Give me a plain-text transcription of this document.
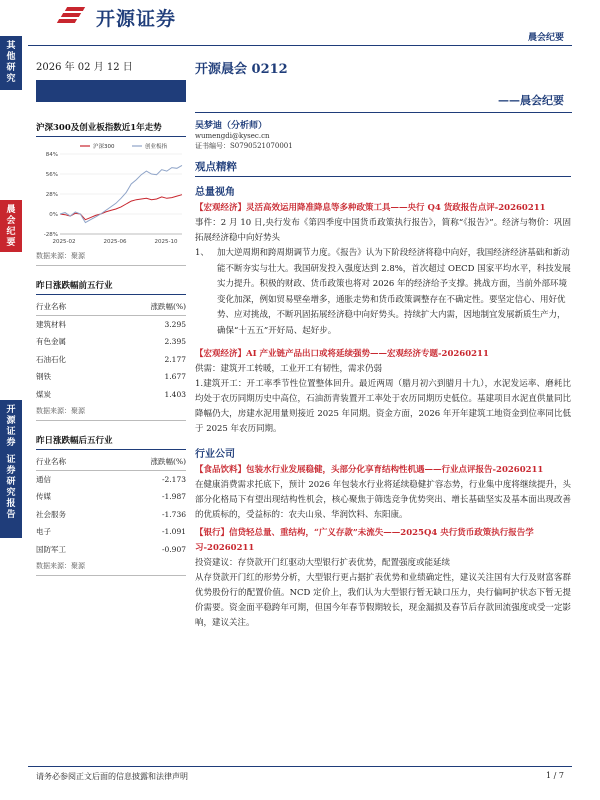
开源证券
晨会纪要
其
他
研
究
晨
会
纪
要
开
源
证
券
证
券
研
究
报
告
2026 年 02 月 12 日	开源晨会 0212
——晨会纪要
沪深300及创业板指数近1年走势
84%
56%
28%
0%
-28%
2025-02	2025-06	2025-10
沪深300	创业板指
数据来源：聚源
昨日涨跌幅前五行业
行业名称	涨跌幅(%)
建筑材料	3.295
有色金属	2.395
石油石化	2.177
钢铁	1.677
煤炭	1.403
数据来源：聚源
昨日涨跌幅后五行业
行业名称	涨跌幅(%)
通信	-2.173
传媒	-1.987
社会服务	-1.736
电子	-1.091
国防军工	-0.907
数据来源：聚源
吴梦迪（分析师）
wumengdi@kysec.cn
证书编号：S0790521070001
观点精粹
总量视角
【宏观经济】灵活高效运用降准降息等多种政策工具——央行 Q4 货政报告点评-20260211
事件：2 月 10 日,央行发布《第四季度中国货币政策执行报告》，简称“《报告》”。经济与物价：巩固拓展经济稳中向好势头
1、 加大逆周期和跨周期调节力度。《报告》认为下阶段经济将稳中向好，我国经济经济基础和新动能不断夯实与壮大。我国研发投入强度达到 2.8%，首次超过 OECD 国家平均水平，科技发展实力提升。积极的财政、货币政策也将对 2026 年的经济给予支撑。挑战方面，当前外部环境变化加深，例如贸易壁垒增多，通胀走势和货币政策调整存在不确定性。要坚定信心、用好优势、应对挑战，不断巩固拓展经济稳中向好势头。持续扩大内需，因地制宜发展新质生产力，确保“十五五”开好局、起好步。
【宏观经济】AI 产业链产品出口或将延续强势——宏观经济专题-20260211
供需：建筑开工转暖，工业开工有韧性，需求仍弱
1.建筑开工：开工率季节性位置整体回升。最近两周（腊月初六到腊月十九），水泥发运率、磨耗比均处于农历同期历史中高位，石油沥青装置开工率处于农历同期历史低位。基建项目水泥直供量同比降幅仍大，房建水泥用量则接近 2025 年同期。资金方面，2026 年开年建筑工地资金到位率同比低于 2025 年农历同期。
行业公司
【食品饮料】包装水行业发展稳健，头部分化享育结构性机遇——行业点评报告-20260211
在健康消费需求托底下，预计 2026 年包装水行业将延续稳健扩容态势，行业集中度将继续提升，头部分化格局下有望出现结构性机会，核心聚焦于筛选竞争优势突出、增长基础坚实及基本面出现改善的优质标的，受益标的：农夫山泉、华润饮料、东阳康。
【银行】信贷轻总量、重结构，“广义存款”未流失——2025Q4 央行货币政策执行报告学习-20260211
投资建议：存贷款开门红驱动大型银行扩表优势，配置强度或能延续
从存贷款开门红的形势分析，大型银行更占据扩表优势和业绩确定性，建议关注国有大行及财富客群优势股份行的配置价值。NCD 定价上，我们认为大型银行暂无缺口压力，央行偏呵护状态下暂无提价需要。资金面平稳跨年可期，但国今年春节假期较长，现金漏损及春节后存款回流强度或受一定影响，建议关注。
请务必参阅正文后面的信息披露和法律声明	1 / 7
